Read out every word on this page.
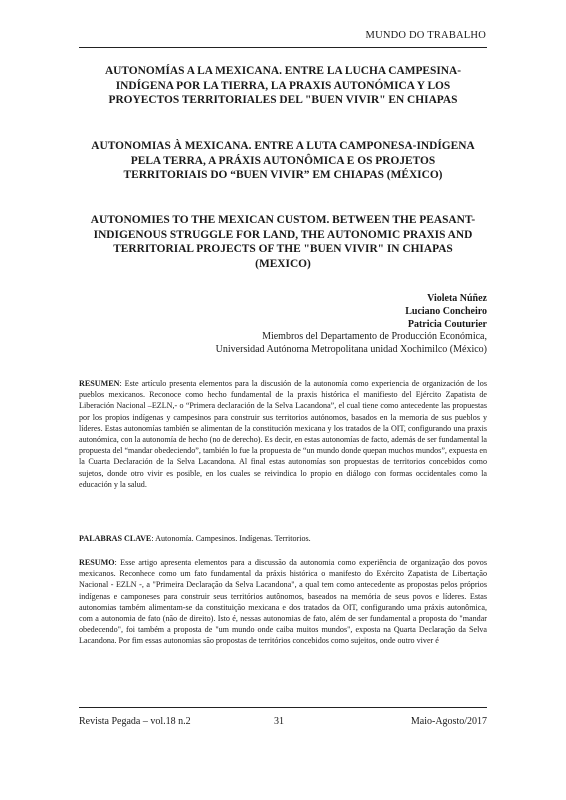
MUNDO DO TRABALHO
AUTONOMÍAS A LA MEXICANA. ENTRE LA LUCHA CAMPESINA-INDÍGENA POR LA TIERRA, LA PRAXIS AUTONÓMICA Y LOS PROYECTOS TERRITORIALES DEL "BUEN VIVIR" EN CHIAPAS
AUTONOMIAS À MEXICANA. ENTRE A LUTA CAMPONESA-INDÍGENA PELA TERRA, A PRÁXIS AUTONÔMICA E OS PROJETOS TERRITORIAIS DO “BUEN VIVIR” EM CHIAPAS (MÉXICO)
AUTONOMIES TO THE MEXICAN CUSTOM. BETWEEN THE PEASANT-INDIGENOUS STRUGGLE FOR LAND, THE AUTONOMIC PRAXIS AND TERRITORIAL PROJECTS OF THE "BUEN VIVIR" IN CHIAPAS (MEXICO)
Violeta Núñez
Luciano Concheiro
Patricia Couturier
Miembros del Departamento de Producción Económica,
Universidad Autónoma Metropolitana unidad Xochimilco (México)

RESUMEN: Este artículo presenta elementos para la discusión de la autonomía como experiencia de organización de los pueblos mexicanos. Reconoce como hecho fundamental de la praxis histórica el manifiesto del Ejército Zapatista de Liberación Nacional –EZLN,- o “Primera declaración de la Selva Lacandona”, el cual tiene como antecedente las propuestas por los propios indígenas y campesinos para construir sus territorios autónomos, basados en la memoria de sus pueblos y líderes. Estas autonomías también se alimentan de la constitución mexicana y los tratados de la OIT, configurando una praxis autonómica, con la autonomía de hecho (no de derecho). Es decir, en estas autonomías de facto, además de ser fundamental la propuesta del “mandar obedeciendo”, también lo fue la propuesta de “un mundo donde quepan muchos mundos”, expuesta en la Cuarta Declaración de la Selva Lacandona. Al final estas autonomías son propuestas de territorios concebidos como sujetos, donde otro vivir es posible, en los cuales se reivindica lo propio en diálogo con formas occidentales como la educación y la salud.

PALABRAS CLAVE: Autonomía. Campesinos. Indígenas. Territorios.

RESUMO: Esse artigo apresenta elementos para a discussão da autonomia como experiência de organização dos povos mexicanos. Reconhece como um fato fundamental da práxis histórica o manifesto do Exército Zapatista de Libertação Nacional - EZLN -, a "Primeira Declaração da Selva Lacandona", a qual tem como antecedente as propostas pelos próprios indígenas e camponeses para construir seus territórios autônomos, baseados na memória de seus povos e líderes. Estas autonomias também alimentam-se da constituição mexicana e dos tratados da OIT, configurando uma práxis autonômica, com a autonomia de fato (não de direito). Isto é, nessas autonomias de fato, além de ser fundamental a proposta do "mandar obedecendo", foi também a proposta de "um mundo onde caiba muitos mundos", exposta na Quarta Declaração da Selva Lacandona. Por fim essas autonomias são propostas de territórios concebidos como sujeitos, onde outro viver é

Revista Pegada – vol.18 n.2	31	Maio-Agosto/2017
